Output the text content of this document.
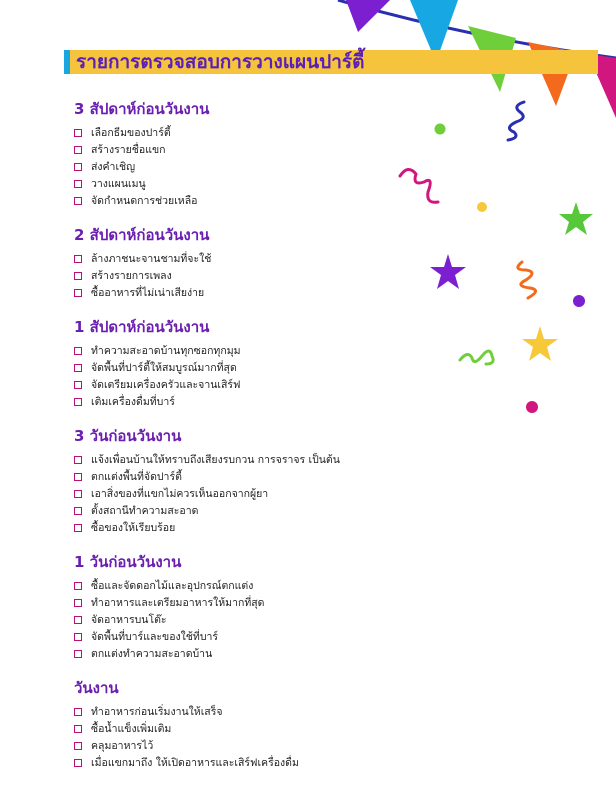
รายการตรวจสอบการวางแผนปาร์ตี้
3 สัปดาห์ก่อนวันงาน
เลือกธีมของปาร์ตี้
สร้างรายชื่อแขก
ส่งคำเชิญ
วางแผนเมนู
จัดกำหนดการช่วยเหลือ
2 สัปดาห์ก่อนวันงาน
ล้างภาชนะจานชามที่จะใช้
สร้างรายการเพลง
ซื้ออาหารที่ไม่เน่าเสียง่าย
1 สัปดาห์ก่อนวันงาน
ทำความสะอาดบ้านทุกซอกทุกมุม
จัดพื้นที่ปาร์ตี้ให้สมบูรณ์มากที่สุด
จัดเตรียมเครื่องครัวและจานเสิร์ฟ
เติมเครื่องดื่มที่บาร์
3 วันก่อนวันงาน
แจ้งเพื่อนบ้านให้ทราบถึงเสียงรบกวน การจราจร เป็นต้น
ตกแต่งพื้นที่จัดปาร์ตี้
เอาสิ่งของที่แขกไม่ควรเห็นออกจากผู้ยา
ตั้งสถานีทำความสะอาด
ซื้อของให้เรียบร้อย
1 วันก่อนวันงาน
ซื้อและจัดดอกไม้และอุปกรณ์ตกแต่ง
ทำอาหารและเตรียมอาหารให้มากที่สุด
จัดอาหารบนโต๊ะ
จัดพื้นที่บาร์และของใช้ที่บาร์
ตกแต่งทำความสะอาดบ้าน
วันงาน
ทำอาหารก่อนเริ่มงานให้เสร็จ
ซื้อน้ำแข็งเพิ่มเติม
คลุมอาหารไว้
เมื่อแขกมาถึง ให้เปิดอาหารและเสิร์ฟเครื่องดื่ม
